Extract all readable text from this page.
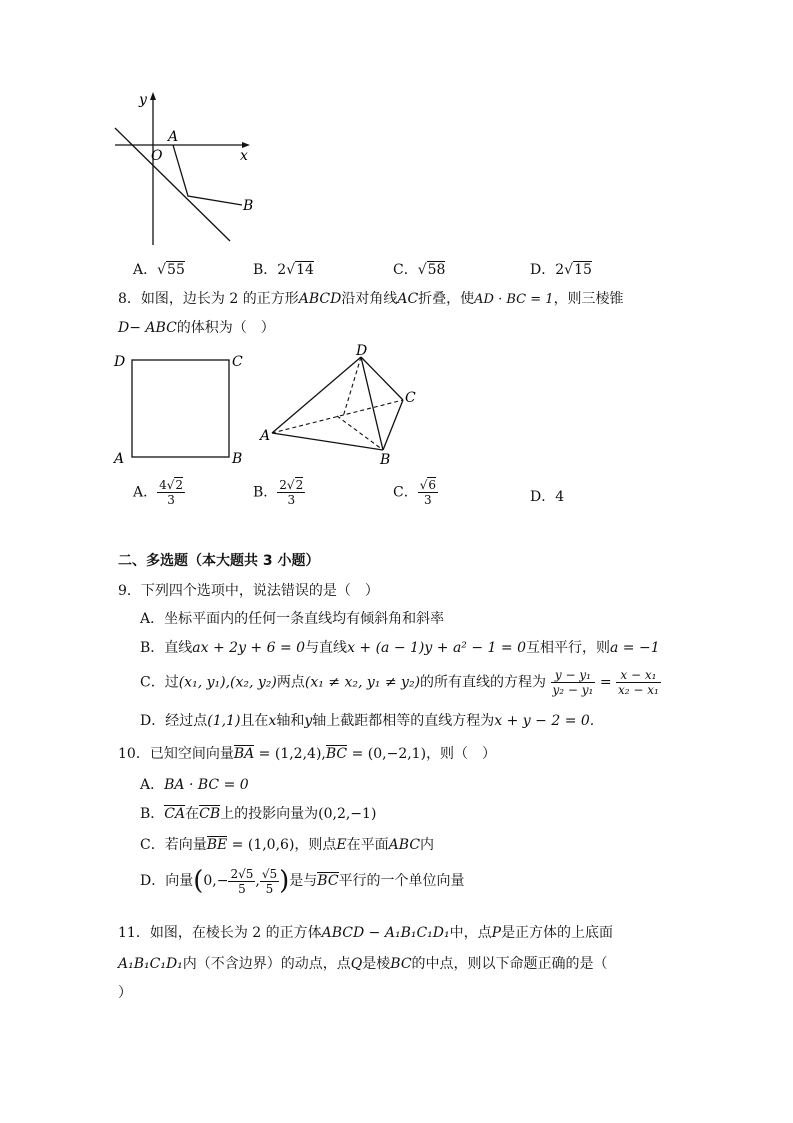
y
x
O
A
B
A．√55	B．2√14	C．√58	D．2√15
8．如图，边长为 2 的正方形ABCD沿对角线AC折叠，使AD · BC = 1，则三棱锥
D− ABC的体积为（　）
D	C
A	B
D
C
A
B
A． $\frac{4√2}{3}$	B． $\frac{2√2}{3}$	C． $\frac{√6}{3}$	D．4
二、多选题（本大题共 3 小题）
9．下列四个选项中，说法错误的是（　）
A．坐标平面内的任何一条直线均有倾斜角和斜率
B．直线ax + 2y + 6 = 0与直线x + (a − 1)y + a² − 1 = 0互相平行，则a = −1
C．过(x₁, y₁),(x₂, y₂)两点(x₁ ≠ x₂, y₁ ≠ y₂)的所有直线的方程为 $\frac{\text{y − y₁}}{\text{y₂ − y₁}} = \frac{\text{x − x₁}}{\text{x₂ − x₁}}$
D．经过点(1,1)且在x轴和y轴上截距都相等的直线方程为x + y − 2 = 0.
10．已知空间向量BA = (1,2,4),BC = (0,−2,1)，则（　）
A．BA · BC = 0
B．CA在CB上的投影向量为(0,2,−1)
C．若向量BE = (1,0,6)，则点E在平面ABC内
D．向量($0,- \frac{2√5}{5}$ , $\frac{√5}{5}$ )是与BC平行的一个单位向量
11．如图，在棱长为 2 的正方体ABCD − A₁B₁C₁D₁中，点P是正方体的上底面
A₁B₁C₁D₁内（不含边界）的动点，点Q是棱BC的中点，则以下命题正确的是（
）
